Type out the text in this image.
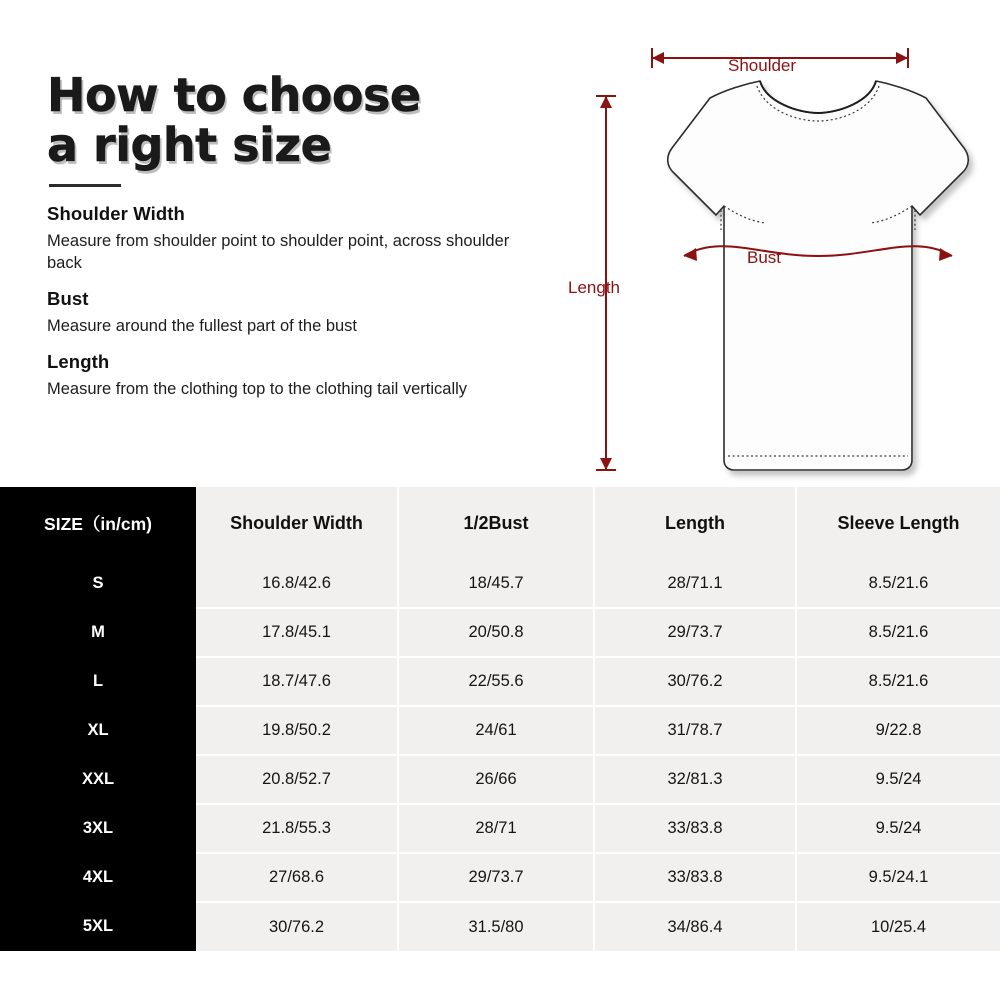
How to choose
a right size
Shoulder Width
Measure from shoulder point to shoulder point, across shoulder back
Bust
Measure around the fullest part of the bust
Length
Measure from the clothing top to the clothing tail vertically
Shoulder
Bust
Length
SIZE（in/cm)	Shoulder Width	1/2Bust	Length	Sleeve Length
S	16.8/42.6	18/45.7	28/71.1	8.5/21.6
M	17.8/45.1	20/50.8	29/73.7	8.5/21.6
L	18.7/47.6	22/55.6	30/76.2	8.5/21.6
XL	19.8/50.2	24/61	31/78.7	9/22.8
XXL	20.8/52.7	26/66	32/81.3	9.5/24
3XL	21.8/55.3	28/71	33/83.8	9.5/24
4XL	27/68.6	29/73.7	33/83.8	9.5/24.1
5XL	30/76.2	31.5/80	34/86.4	10/25.4
